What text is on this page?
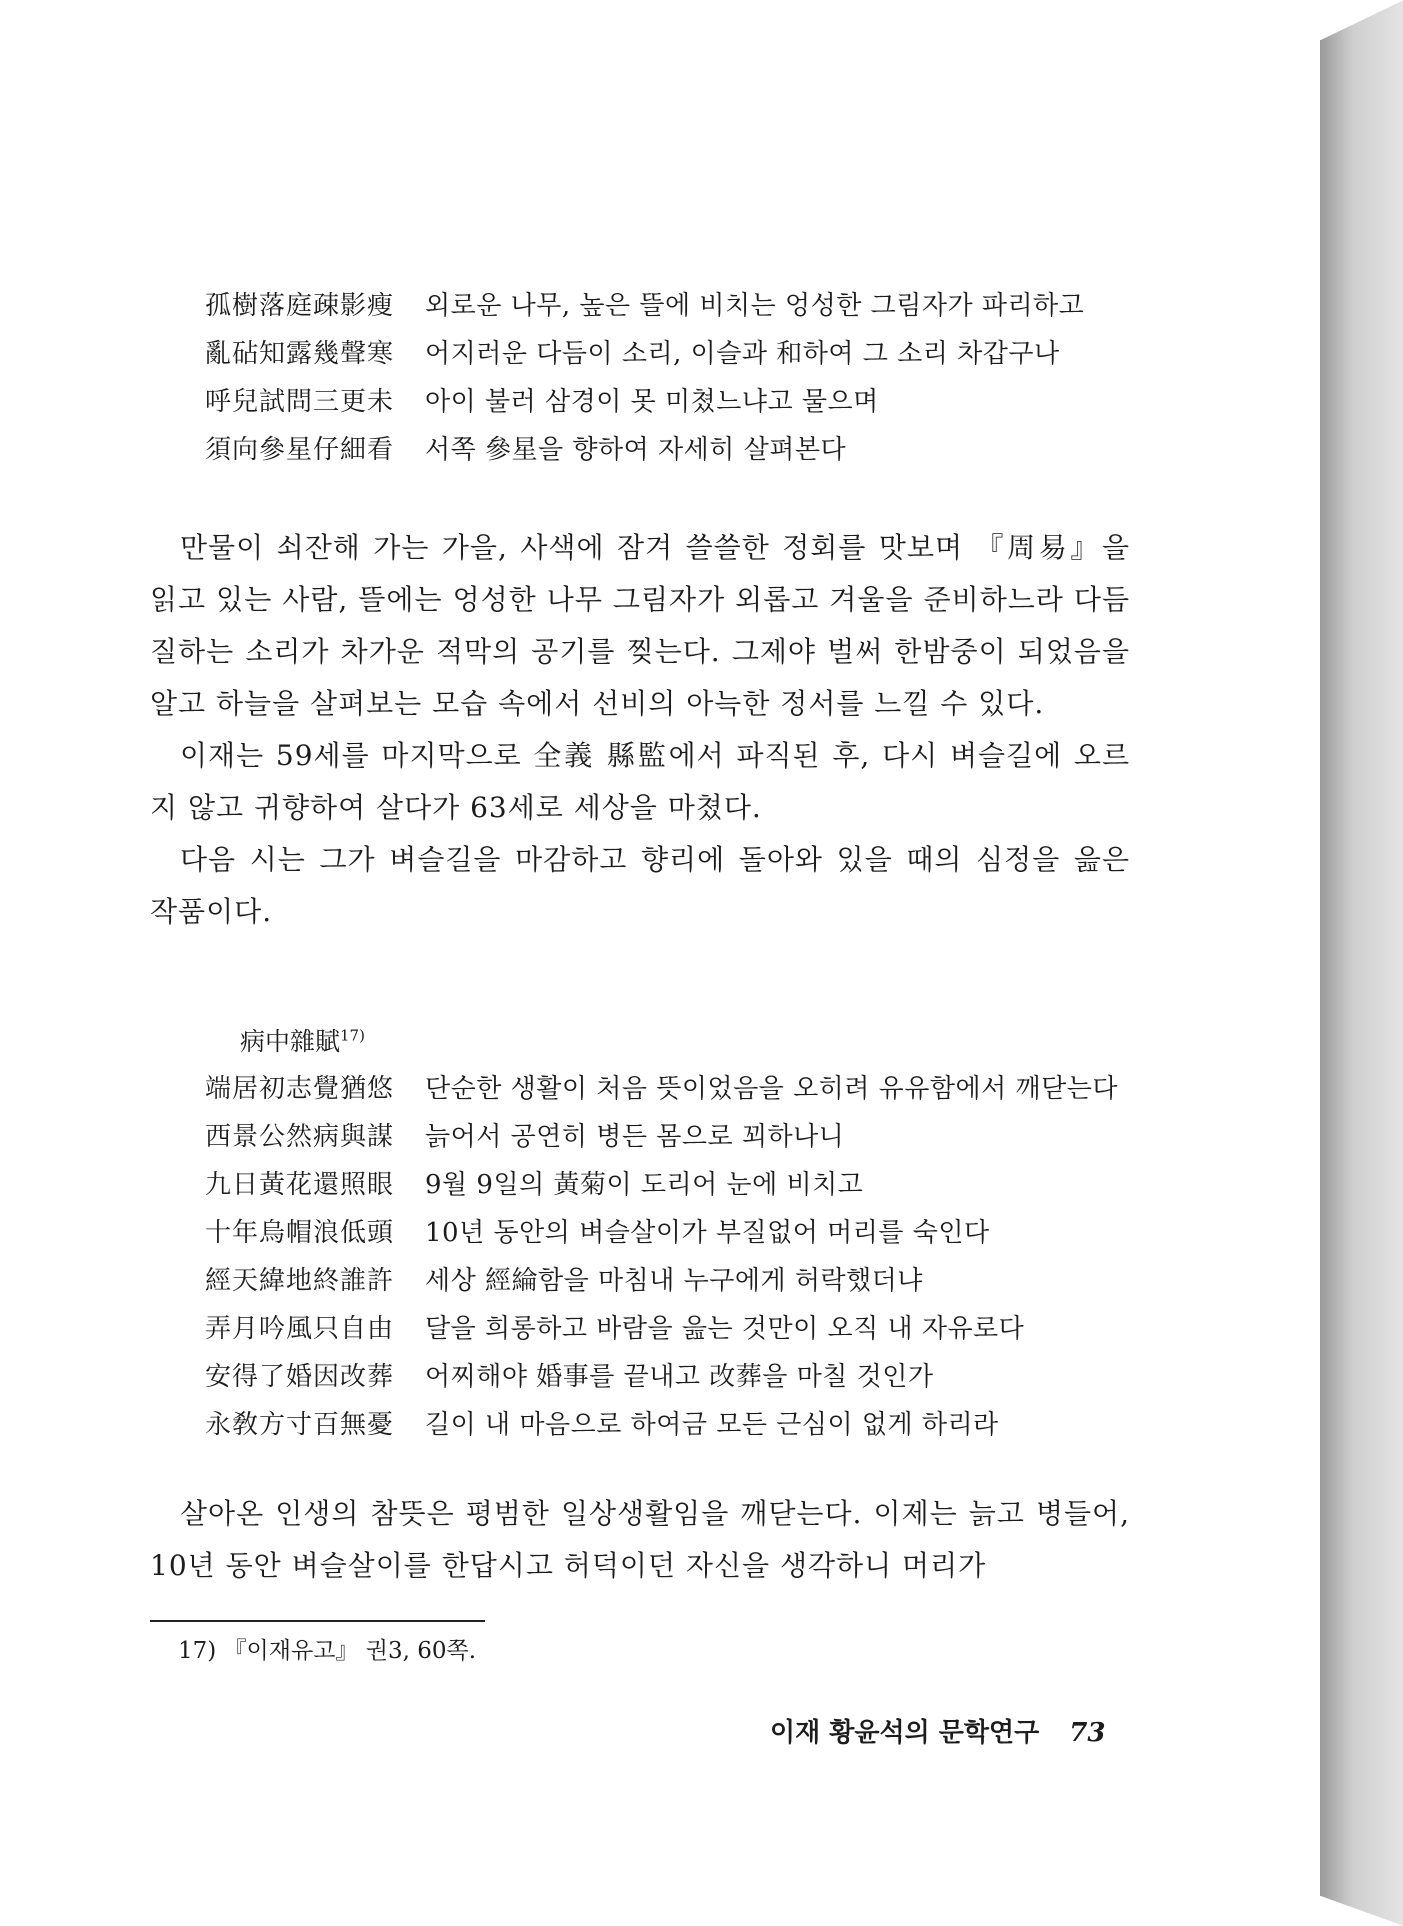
孤樹落庭疎影瘦	외로운 나무, 높은 뜰에 비치는 엉성한 그림자가 파리하고
亂砧知露幾聲寒	어지러운 다듬이 소리, 이슬과 和하여 그 소리 차갑구나
呼兒試問三更未	아이 불러 삼경이 못 미쳤느냐고 물으며
須向參星仔細看	서쪽 參星을 향하여 자세히 살펴본다

만물이 쇠잔해 가는 가을, 사색에 잠겨 쓸쓸한 정회를 맛보며 『周易』을 읽고 있는 사람, 뜰에는 엉성한 나무 그림자가 외롭고 겨울을 준비하느라 다듬질하는 소리가 차가운 적막의 공기를 찢는다. 그제야 벌써 한밤중이 되었음을 알고 하늘을 살펴보는 모습 속에서 선비의 아늑한 정서를 느낄 수 있다.

이재는 59세를 마지막으로 全義 縣監에서 파직된 후, 다시 벼슬길에 오르지 않고 귀향하여 살다가 63세로 세상을 마쳤다.

다음 시는 그가 벼슬길을 마감하고 향리에 돌아와 있을 때의 심정을 읊은 작품이다.

病中雜賦$^{17)}$
端居初志覺猶悠	단순한 생활이 처음 뜻이었음을 오히려 유유함에서 깨닫는다
西景公然病與謀	늙어서 공연히 병든 몸으로 꾀하나니
九日黃花還照眼	9월 9일의 黃菊이 도리어 눈에 비치고
十年烏帽浪低頭	10년 동안의 벼슬살이가 부질없어 머리를 숙인다
經天緯地終誰許	세상 經綸함을 마침내 누구에게 허락했더냐
弄月吟風只自由	달을 희롱하고 바람을 읊는 것만이 오직 내 자유로다
安得了婚因改葬	어찌해야 婚事를 끝내고 改葬을 마칠 것인가
永敎方寸百無憂	길이 내 마음으로 하여금 모든 근심이 없게 하리라

살아온 인생의 참뜻은 평범한 일상생활임을 깨닫는다. 이제는 늙고 병들어, 10년 동안 벼슬살이를 한답시고 허덕이던 자신을 생각하니 머리가

17) 『이재유고』 권3, 60쪽.
이재 황윤석의 문학연구 73
